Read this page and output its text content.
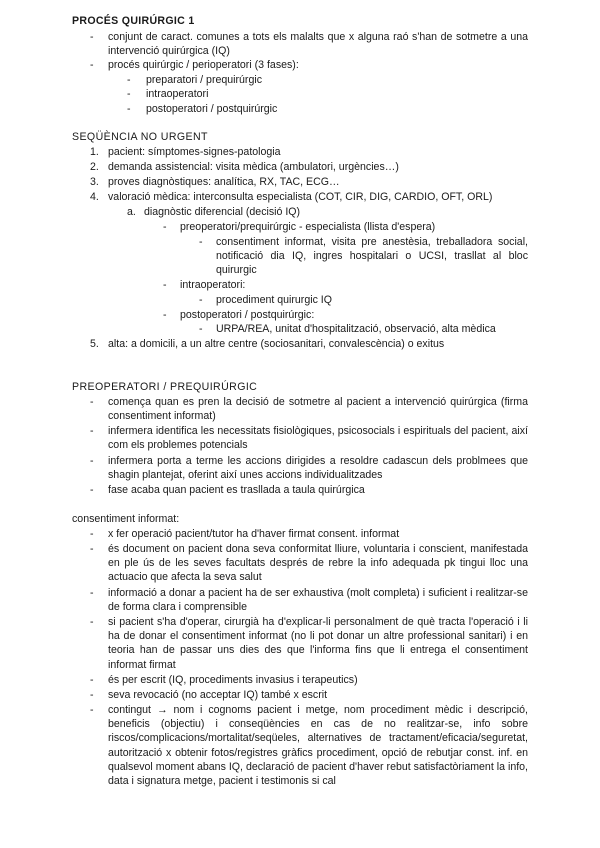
PROCÉS QUIRÚRGIC 1
- conjunt de caract. comunes a tots els malalts que x alguna raó s'han de sotmetre a una intervenció quirúrgica (IQ)
- procés quirúrgic / perioperatori (3 fases):
- preparatori / prequirúrgic
- intraoperatori
- postoperatori / postquirúrgic
SEQÜÈNCIA NO URGENT
1. pacient: símptomes-signes-patologia
2. demanda assistencial: visita mèdica (ambulatori, urgències…)
3. proves diagnòstiques: analítica, RX, TAC, ECG…
4. valoració mèdica: interconsulta especialista (COT, CIR, DIG, CARDIO, OFT, ORL)
a. diagnòstic diferencial (decisió IQ)
- preoperatori/prequirúrgic - especialista (llista d'espera)
- consentiment informat, visita pre anestèsia, treballadora social, notificació dia IQ, ingres hospitalari o UCSI, trasllat al bloc quirurgic
- intraoperatori:
- procediment quirurgic IQ
- postoperatori / postquirúrgic:
- URPA/REA, unitat d'hospitalització, observació, alta mèdica
5. alta: a domicili, a un altre centre (sociosanitari, convalescència) o exitus
PREOPERATORI / PREQUIRÚRGIC
- comença quan es pren la decisió de sotmetre al pacient a intervenció quirúrgica (firma consentiment informat)
- infermera identifica les necessitats fisiològiques, psicosocials i espirituals del pacient, així com els problemes potencials
- infermera porta a terme les accions dirigides a resoldre cadascun dels problmees que shagin plantejat, oferint així unes accions individualitzades
- fase acaba quan pacient es trasllada a taula quirúrgica
consentiment informat:
- x fer operació pacient/tutor ha d'haver firmat consent. informat
- és document on pacient dona seva conformitat lliure, voluntaria i conscient, manifestada en ple ús de les seves facultats després de rebre la info adequada pk tingui lloc una actuacio que afecta la seva salut
- informació a donar a pacient ha de ser exhaustiva (molt completa) i suficient i realitzar-se de forma clara i comprensible
- si pacient s'ha d'operar, cirurgià ha d'explicar-li personalment de què tracta l'operació i li ha de donar el consentiment informat (no li pot donar un altre professional sanitari) i en teoria han de passar uns dies des que l'informa fins que li entrega el consentiment informat firmat
- és per escrit (IQ, procediments invasius i terapeutics)
- seva revocació (no acceptar IQ) també x escrit
- contingut → nom i cognoms pacient i metge, nom procediment mèdic i descripció, beneficis (objectiu) i conseqüències en cas de no realitzar-se, info sobre riscos/complicacions/mortalitat/seqüeles, alternatives de tractament/eficacia/seguretat, autorització x obtenir fotos/registres gràfics procediment, opció de rebutjar const. inf. en qualsevol moment abans IQ, declaració de pacient d'haver rebut satisfactòriament la info, data i signatura metge, pacient i testimonis si cal
